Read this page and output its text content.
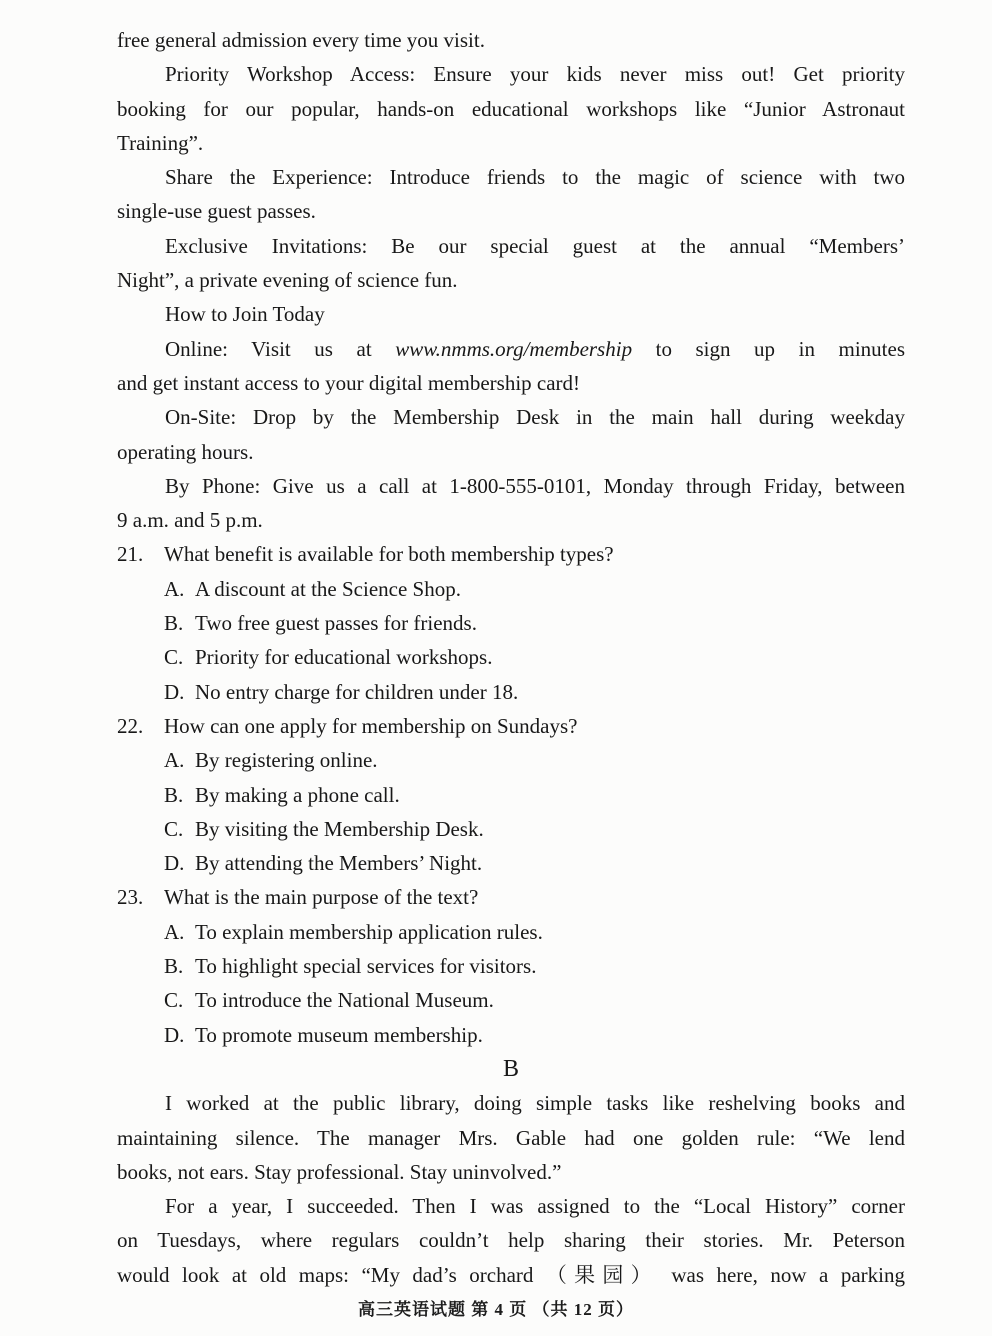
free general admission every time you visit.
Priority Workshop Access: Ensure your kids never miss out! Get priority
booking for our popular, hands-on educational workshops like “Junior Astronaut
Training”.
Share the Experience: Introduce friends to the magic of science with two
single-use guest passes.
Exclusive Invitations: Be our special guest at the annual “Members’
Night”, a private evening of science fun.
How to Join Today
Online: Visit us at www.nmms.org/membership to sign up in minutes
and get instant access to your digital membership card!
On-Site: Drop by the Membership Desk in the main hall during weekday
operating hours.
By Phone: Give us a call at 1-800-555-0101, Monday through Friday, between
9 a.m. and 5 p.m.
21. What benefit is available for both membership types?
A. A discount at the Science Shop.
B. Two free guest passes for friends.
C. Priority for educational workshops.
D. No entry charge for children under 18.
22. How can one apply for membership on Sundays?
A. By registering online.
B. By making a phone call.
C. By visiting the Membership Desk.
D. By attending the Members’ Night.
23. What is the main purpose of the text?
A. To explain membership application rules.
B. To highlight special services for visitors.
C. To introduce the National Museum.
D. To promote museum membership.
B
I worked at the public library, doing simple tasks like reshelving books and
maintaining silence. The manager Mrs. Gable had one golden rule: “We lend
books, not ears. Stay professional. Stay uninvolved.”
For a year, I succeeded. Then I was assigned to the “Local History” corner
on Tuesdays, where regulars couldn’t help sharing their stories. Mr. Peterson
would look at old maps: “My dad’s orchard （果园） was here, now a parking
高三英语试题 第 4 页 （共 12 页）
